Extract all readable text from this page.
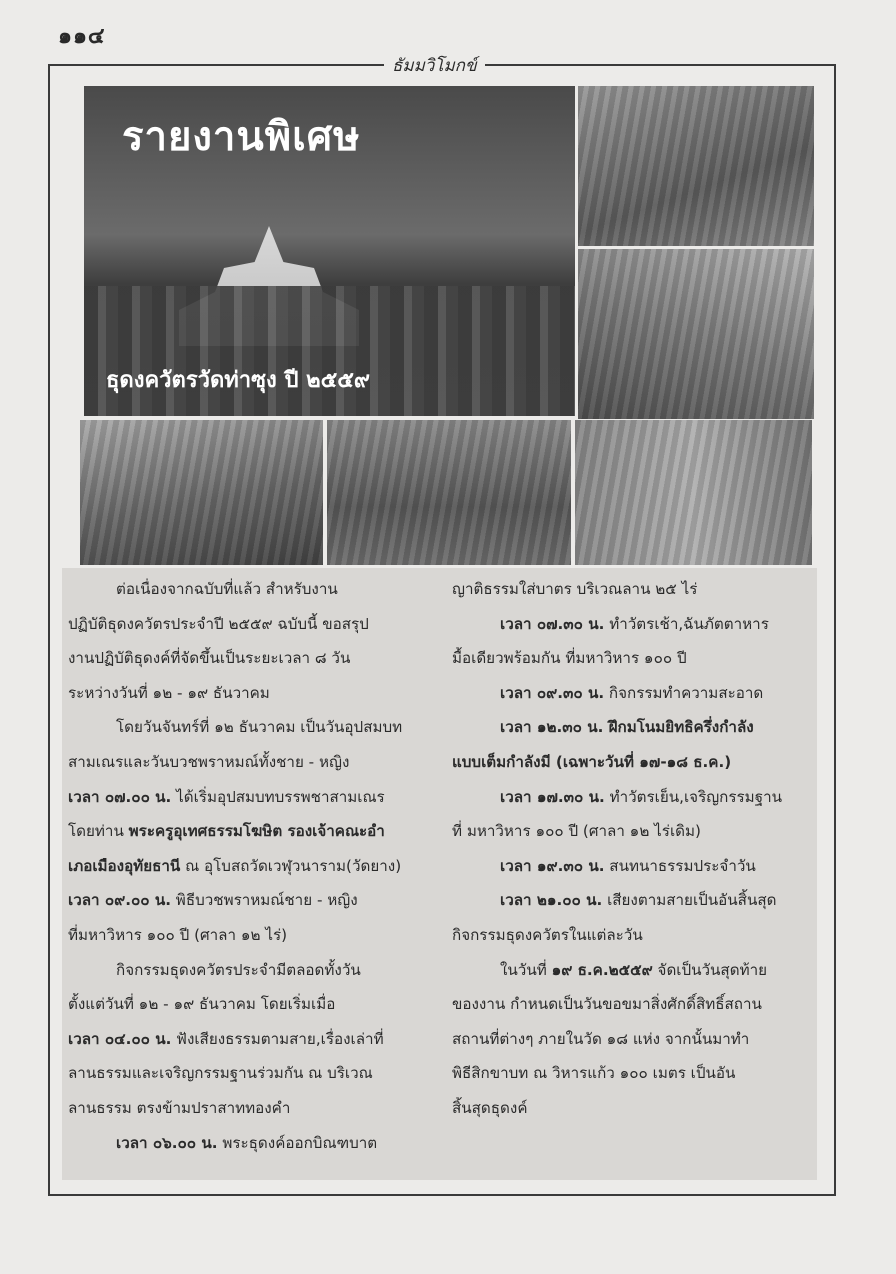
๑๑๔
ธัมมวิโมกข์
รายงานพิเศษ
ธุดงควัตรวัดท่าซุง ปี ๒๕๕๙

ต่อเนื่องจากฉบับที่แล้ว สำหรับงาน

ปฏิบัติธุดงควัตรประจำปี ๒๕๕๙ ฉบับนี้ ขอสรุป

งานปฏิบัติธุดงค์ที่จัดขึ้นเป็นระยะเวลา ๘ วัน

ระหว่างวันที่ ๑๒ - ๑๙ ธันวาคม

โดยวันจันทร์ที่ ๑๒ ธันวาคม เป็นวันอุปสมบท

สามเณรและวันบวชพราหมณ์ทั้งชาย - หญิง

เวลา ๐๗.๐๐ น. ได้เริ่มอุปสมบทบรรพชาสามเณร

โดยท่าน พระครูอุเทศธรรมโฆษิต รองเจ้าคณะอำ

เภอเมืองอุทัยธานี ณ อุโบสถวัดเวฬุวนาราม(วัดยาง)

เวลา ๐๙.๐๐ น. พิธีบวชพราหมณ์ชาย - หญิง

ที่มหาวิหาร ๑๐๐ ปี (ศาลา ๑๒ ไร่)

กิจกรรมธุดงควัตรประจำมีตลอดทั้งวัน

ตั้งแต่วันที่ ๑๒ - ๑๙ ธันวาคม โดยเริ่มเมื่อ

เวลา ๐๔.๐๐ น. ฟังเสียงธรรมตามสาย,เรื่องเล่าที่

ลานธรรมและเจริญกรรมฐานร่วมกัน ณ บริเวณ

ลานธรรม ตรงข้ามปราสาททองคำ

เวลา ๐๖.๐๐ น. พระธุดงค์ออกบิณฑบาต

ญาติธรรมใส่บาตร บริเวณลาน ๒๕ ไร่

เวลา ๐๗.๓๐ น. ทำวัตรเช้า,ฉันภัตตาหาร

มื้อเดียวพร้อมกัน ที่มหาวิหาร ๑๐๐ ปี

เวลา ๐๙.๓๐ น. กิจกรรมทำความสะอาด

เวลา ๑๒.๓๐ น. ฝึกมโนมยิทธิครึ่งกำลัง

แบบเต็มกำลังมี (เฉพาะวันที่ ๑๗-๑๘ ธ.ค.)

เวลา ๑๗.๓๐ น. ทำวัตรเย็น,เจริญกรรมฐาน

ที่ มหาวิหาร ๑๐๐ ปี (ศาลา ๑๒ ไร่เดิม)

เวลา ๑๙.๓๐ น. สนทนาธรรมประจำวัน

เวลา ๒๑.๐๐ น. เสียงตามสายเป็นอันสิ้นสุด

กิจกรรมธุดงควัตรในแต่ละวัน

ในวันที่ ๑๙ ธ.ค.๒๕๕๙ จัดเป็นวันสุดท้าย

ของงาน กำหนดเป็นวันขอขมาสิ่งศักดิ์สิทธิ์สถาน

สถานที่ต่างๆ ภายในวัด ๑๘ แห่ง จากนั้นมาทำ

พิธีสิกขาบท ณ วิหารแก้ว ๑๐๐ เมตร เป็นอัน

สิ้นสุดธุดงค์
